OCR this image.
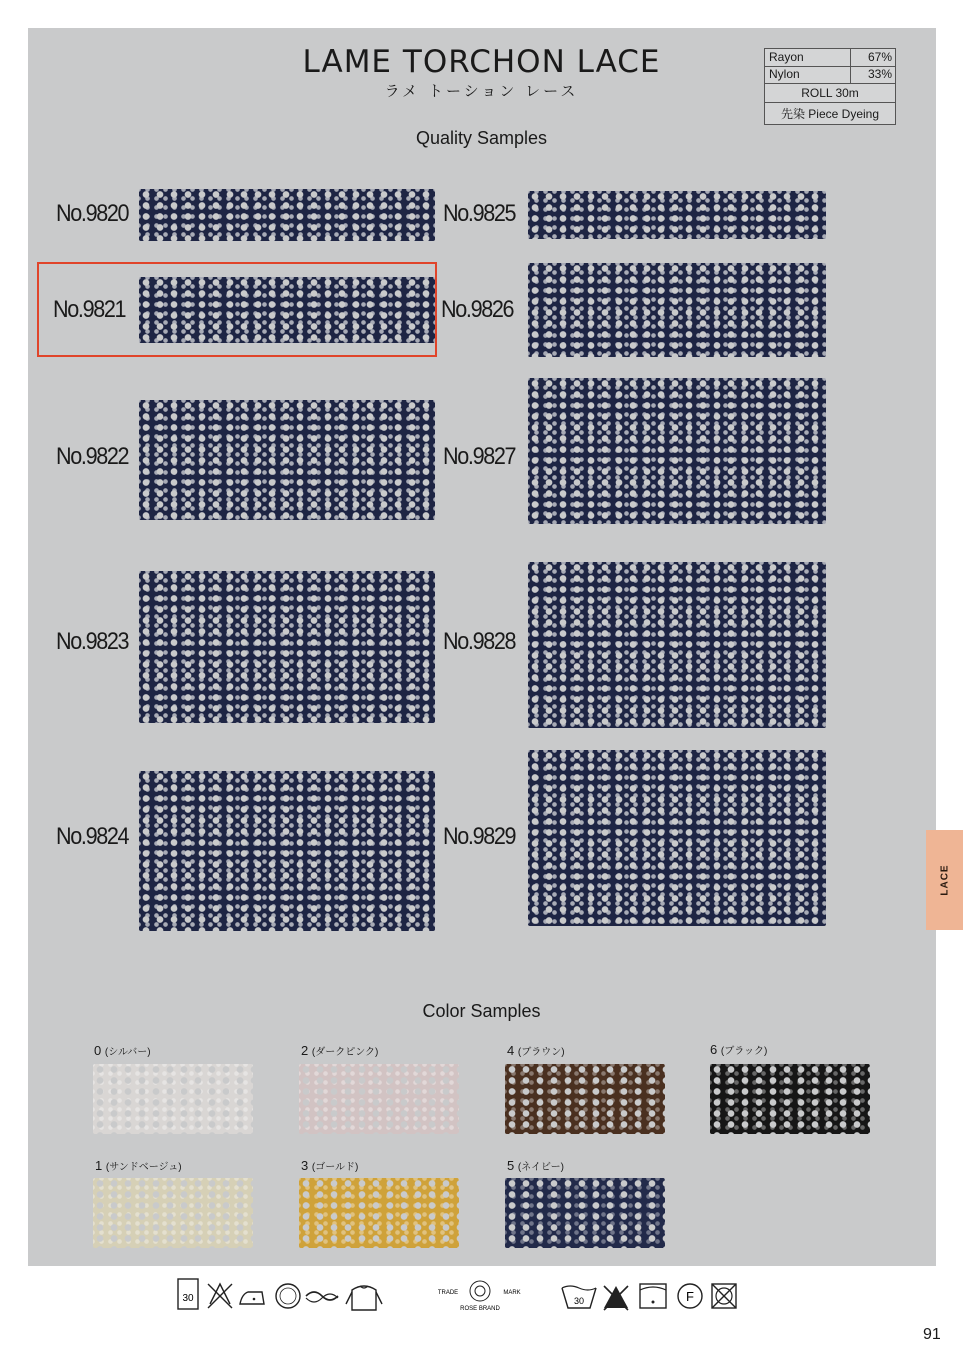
LAME TORCHON LACE
ラメ トーション レース
Rayon	67%
Nylon	33%
ROLL 30m
先染 Piece Dyeing
Quality Samples
No.9820
No.9821
No.9822
No.9823
No.9824
No.9825
No.9826
No.9827
No.9828
No.9829
LACE
Color Samples
0 (シルバー)	2 (ダークピンク)	4 (ブラウン)	6 (ブラック)
1 (サンドベージュ)	3 (ゴールド)	5 (ネイビー)
30	TRADE	MARK
ROSE BRAND
30	F
91
